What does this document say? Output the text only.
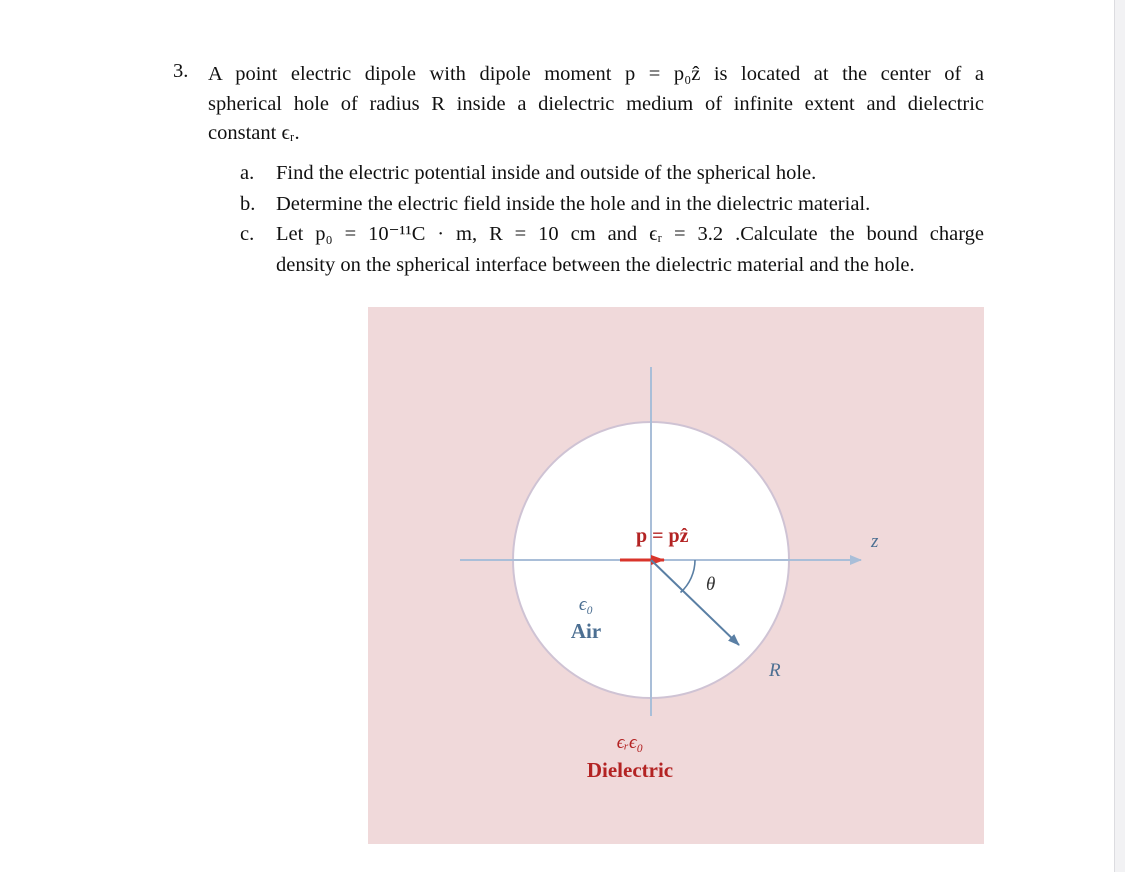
3. A point electric dipole with dipole moment p = p₀ẑ is located at the center of a
spherical hole of radius R inside a dielectric medium of infinite extent and dielectric
constant ϵᵣ.
a. Find the electric potential inside and outside of the spherical hole.
b. Determine the electric field inside the hole and in the dielectric material.
c. Let p₀ = 10⁻¹¹C · m, R = 10 cm and ϵᵣ = 3.2 .Calculate the bound charge
density on the spherical interface between the dielectric material and the hole.
p = pẑ	z
θ
R
ϵ₀
Air
ϵᵣϵ₀
Dielectric
